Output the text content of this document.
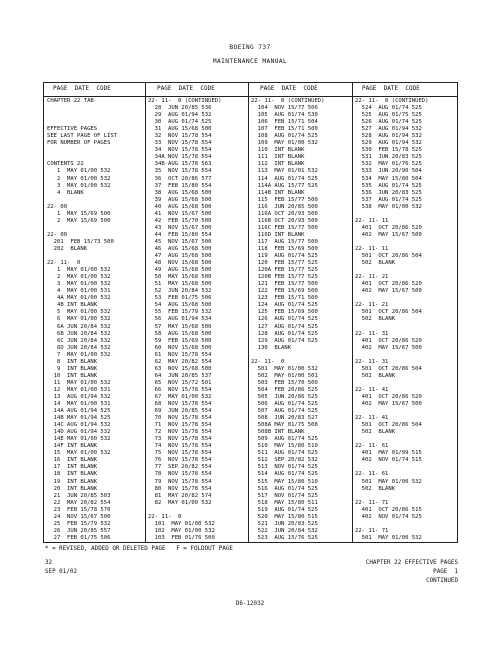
BOEING 737
MAINTENANCE MANUAL
PAGE  DATE  CODE	PAGE  DATE  CODE	PAGE  DATE  CODE	PAGE  DATE  CODE
CHAPTER 22 TAB

EFFECTIVE PAGES
SEE LAST PAGE OF LIST
FOR NUMBER OF PAGES

CONTENTS 22
1  MAY 01/00 532
2  MAY 01/00 532
3  MAY 01/00 532
4  BLANK

22- 00
1  MAY 15/69 500
2  MAY 15/69 500

22- 00
201  FEB 15/73 500
202  BLANK

22- 11-  0
1  MAY 01/00 532
2  MAY 01/00 532
3  MAY 01/00 532
4  MAY 01/00 531
4A MAY 01/00 532
4B INT BLANK
5  MAY 01/00 532
6  MAY 01/00 532
6A JUN 20/84 532
6B JUN 20/84 532
6C JUN 20/84 532
6D JUN 20/84 532
7  MAY 01/00 532
8  INT BLANK
9  INT BLANK
10  INT BLANK
11  MAY 01/00 532
12  MAY 01/00 531
13  AUG 01/94 532
14  MAY 01/00 531
14A AUG 01/94 525
14B MAY 01/94 525
14C AUG 01/94 532
14D AUG 01/94 532
14E MAY 01/00 532
14F INT BLANK
15  MAY 01/00 532
16  INT BLANK
17  INT BLANK
18  INT BLANK
19  INT BLANK
20  INT BLANK
21  JUN 20/85 503
22  MAY 20/82 554
23  FEB 15/78 570
24  NOV 15/67 500
25  FEB 15/79 532
26  JUN 20/85 557
27  FEB 01/75 506
22- 11-  0 (CONTINUED)
28  JUN 20/85 536
29  AUG 01/94 532
30  AUG 01/74 525
31  AUG 15/68 500
32  NOV 15/78 554
33  NOV 15/78 554
34  NOV 15/78 554
34A NOV 15/78 554
34B AUG 15/78 563
35  NOV 15/78 554
36  OCT 20/86 577
37  FEB 15/80 554
38  AUG 15/68 500
39  AUG 15/68 500
40  AUG 15/68 500
41  NOV 15/67 500
42  FEB 15/70 500
43  NOV 15/67 500
44  FEB 15/80 554
45  NOV 15/67 500
46  AUG 15/68 500
47  AUG 15/68 500
48  NOV 15/68 500
49  AUG 15/68 500
50  MAY 15/68 500
51  MAY 15/68 500
52  JUN 20/84 532
53  FEB 01/75 506
54  AUG 15/68 500
55  FEB 15/79 532
56  AUG 01/94 534
57  MAY 15/68 500
58  AUG 15/68 500
59  FEB 15/69 500
60  NOV 15/68 500
61  NOV 15/78 554
62  MAY 20/82 554
63  NOV 15/68 500
64  JUN 20/85 537
65  NOV 15/72 501
66  NOV 15/78 554
67  MAY 01/00 532
68  NOV 15/78 554
69  JUN 20/85 554
70  NOV 15/78 554
71  NOV 15/78 554
72  NOV 15/78 554
73  NOV 15/78 554
74  NOV 15/78 554
75  NOV 15/78 554
76  NOV 15/78 554
77  SEP 20/82 554
78  NOV 15/78 554
79  NOV 15/78 554
80  NOV 15/78 554
81  MAY 20/82 574
82  MAY 01/00 532

22- 11-  0
101  MAY 01/00 532
102  MAY 01/00 532
103  FEB 01/76 500
22- 11-  0 (CONTINUED)
104  NOV 15/77 506
105  AUG 01/74 530
106  FEB 15/71 504
107  FEB 15/71 500
108  AUG 01/74 525
109  MAY 01/00 532
110  INT BLANK
111  INT BLANK
112  INT BLANK
113  MAY 01/01 532
114  AUG 01/74 525
114A AUG 15/77 525
114B INT BLANK
115  FEB 15/77 500
116  JUN 20/85 500
116A OCT 20/93 500
116B OCT 20/93 500
116C FEB 15/77 500
116D INT BLANK
117  AUG 15/77 500
118  FEB 15/69 500
119  AUG 01/74 525
120  FEB 15/77 525
120A FEB 15/77 525
120B FEB 15/77 525
121  FEB 15/77 500
122  FEB 15/69 500
123  FEB 15/71 500
124  AUG 01/74 525
125  FEB 15/69 500
126  AUG 01/74 525
127  AUG 01/74 525
128  AUG 01/74 525
129  AUG 01/74 525
130  BLANK

22- 11-  0
501  MAY 01/00 532
502  MAY 01/00 501
503  FEB 15/70 500
504  FEB 20/86 525
505  JUN 20/86 525
506  AUG 01/74 525
507  AUG 01/74 525
508  JUN 20/83 527
508A MAY 01/75 508
508B INT BLANK
509  AUG 01/74 525
510  MAY 15/80 510
511  AUG 01/74 525
512  SEP 20/82 532
513  NOV 01/74 525
514  AUG 01/74 525
515  MAY 15/80 510
516  AUG 01/74 525
517  NOV 01/74 525
518  MAY 15/80 511
519  AUG 01/74 525
520  MAY 15/80 515
521  JUN 20/83 525
522  JUN 20/84 532
523  AUG 15/76 525
22- 11-  0 (CONTINUED)
524  AUG 01/74 525
525  AUG 01/75 525
526  AUG 01/74 525
527  AUG 01/94 532
528  AUG 01/94 532
529  AUG 01/94 532
530  FEB 15/78 525
531  JUN 20/83 525
532  MAY 01/76 525
533  JUN 20/90 504
534  MAY 15/80 504
535  AUG 01/74 525
536  JUN 20/83 525
537  AUG 01/74 525
538  MAY 01/00 532

22- 11- 11
401  OCT 20/86 520
402  MAY 15/67 500

22- 11- 11
501  OCT 20/86 504
502  BLANK

22- 11- 21
401  OCT 20/86 520
402  MAY 15/67 500

22- 11- 21
501  OCT 20/86 504
502  BLANK

22- 11- 31
401  OCT 20/86 520
402  MAY 15/67 500

22- 11- 31
501  OCT 20/86 504
502  BLANK

22- 11- 41
401  OCT 20/86 520
402  MAY 15/67 500

22- 11- 41
501  OCT 20/86 504
502  BLANK

22- 11- 61
401  MAY 01/99 515
402  NOV 01/74 515

22- 11- 61
501  MAY 01/00 532
502  BLANK

22- 11- 71
401  OCT 20/86 515
402  NOV 01/74 525

22- 11- 71
501  MAY 01/00 532
* = REVISED, ADDED OR DELETED PAGE   F = FOLDOUT PAGE
32
SEP 01/02
CHAPTER 22 EFFECTIVE PAGES
PAGE  1
CONTINUED
D6-12032
